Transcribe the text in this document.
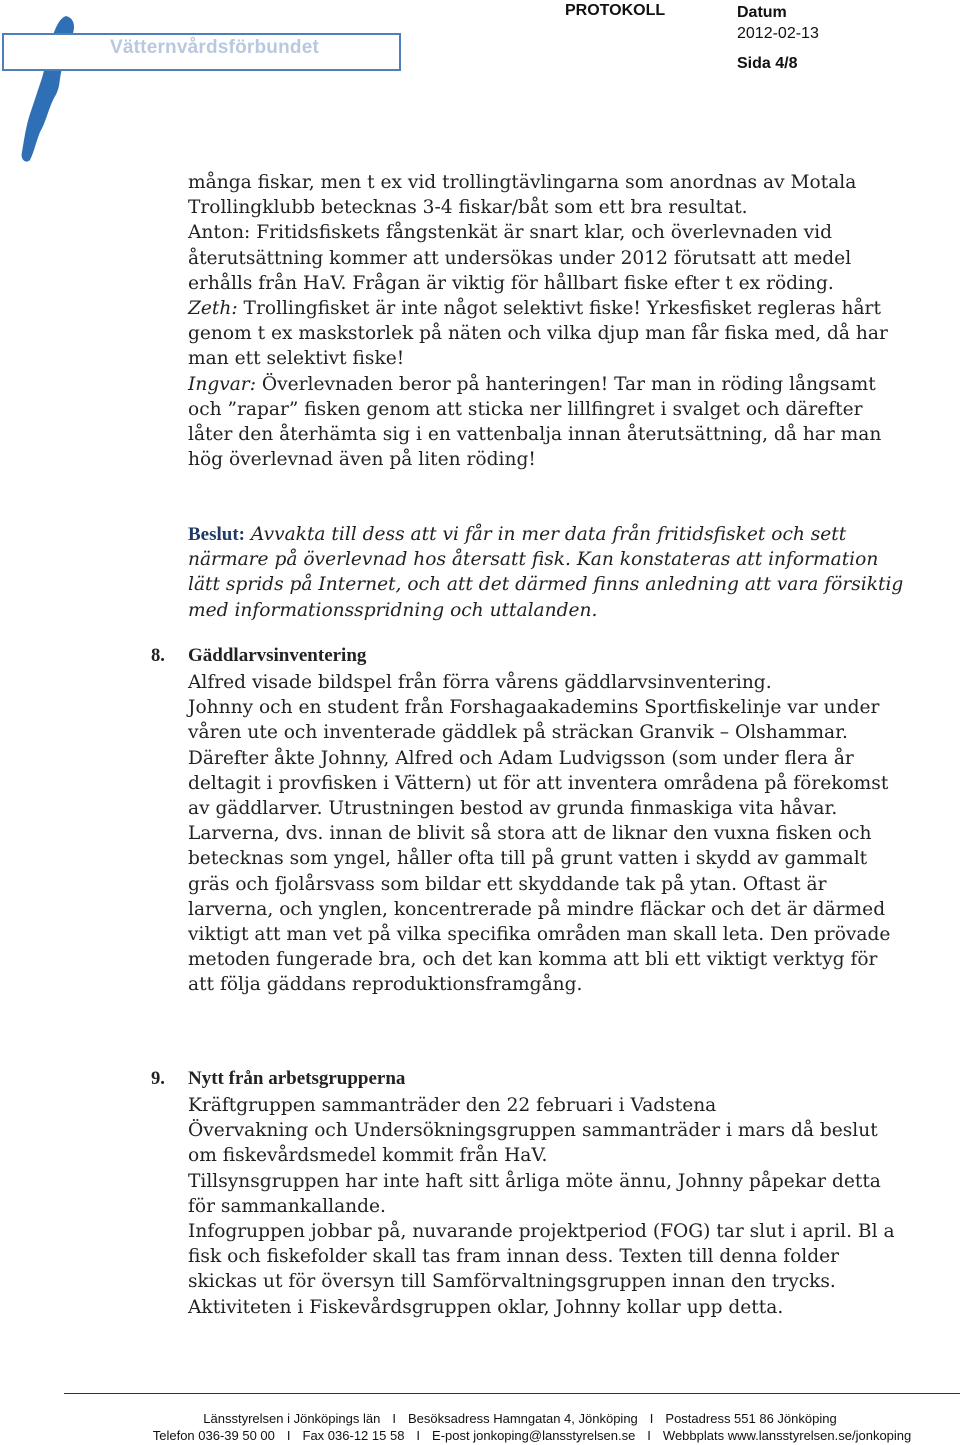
Vätternvårdsförbundet
PROTOKOLL	Datum
2012-02-13
Sida 4/8

många fiskar, men t ex vid trollingtävlingarna som anordnas av Motala Trollingklubb betecknas 3-4 fiskar/båt som ett bra resultat.

Anton: Fritidsfiskets fångstenkät är snart klar, och överlevnaden vid återutsättning kommer att undersökas under 2012 förutsatt att medel erhålls från HaV. Frågan är viktig för hållbart fiske efter t ex röding.

Zeth: Trollingfisket är inte något selektivt fiske! Yrkesfisket regleras hårt genom t ex maskstorlek på näten och vilka djup man får fiska med, då har man ett selektivt fiske!

Ingvar: Överlevnaden beror på hanteringen! Tar man in röding långsamt och ”rapar” fisken genom att sticka ner lillfingret i svalget och därefter låter den återhämta sig i en vattenbalja innan återutsättning, då har man hög överlevnad även på liten röding!

Beslut: Avvakta till dess att vi får in mer data från fritidsfisket och sett närmare på överlevnad hos återsatt fisk. Kan konstateras att information lätt sprids på Internet, och att det därmed finns anledning att vara försiktig med informationsspridning och uttalanden.

8. Gäddlarvsinventering

Alfred visade bildspel från förra vårens gäddlarvsinventering.

Johnny och en student från Forshagaakademins Sportfiskelinje var under våren ute och inventerade gäddlek på sträckan Granvik – Olshammar. Därefter åkte Johnny, Alfred och Adam Ludvigsson (som under flera år deltagit i provfisken i Vättern) ut för att inventera områdena på förekomst av gäddlarver. Utrustningen bestod av grunda finmaskiga vita håvar. Larverna, dvs. innan de blivit så stora att de liknar den vuxna fisken och betecknas som yngel, håller ofta till på grunt vatten i skydd av gammalt gräs och fjolårsvass som bildar ett skyddande tak på ytan. Oftast är larverna, och ynglen, koncentrerade på mindre fläckar och det är därmed viktigt att man vet på vilka specifika områden man skall leta. Den prövade metoden fungerade bra, och det kan komma att bli ett viktigt verktyg för att följa gäddans reproduktionsframgång.

9. Nytt från arbetsgrupperna

Kräftgruppen sammanträder den 22 februari i Vadstena

Övervakning och Undersökningsgruppen sammanträder i mars då beslut om fiskevårdsmedel kommit från HaV.

Tillsynsgruppen har inte haft sitt årliga möte ännu, Johnny påpekar detta för sammankallande.

Infogruppen jobbar på, nuvarande projektperiod (FOG) tar slut i april. Bl a fisk och fiskefolder skall tas fram innan dess. Texten till denna folder skickas ut för översyn till Samförvaltningsgruppen innan den trycks.

Aktiviteten i Fiskevårdsgruppen oklar, Johnny kollar upp detta.

Länsstyrelsen i Jönköpings län I Besöksadress Hamngatan 4, Jönköping I Postadress 551 86 Jönköping
Telefon 036-39 50 00 I Fax 036-12 15 58 I E-post jonkoping@lansstyrelsen.se I Webbplats www.lansstyrelsen.se/jonkoping
